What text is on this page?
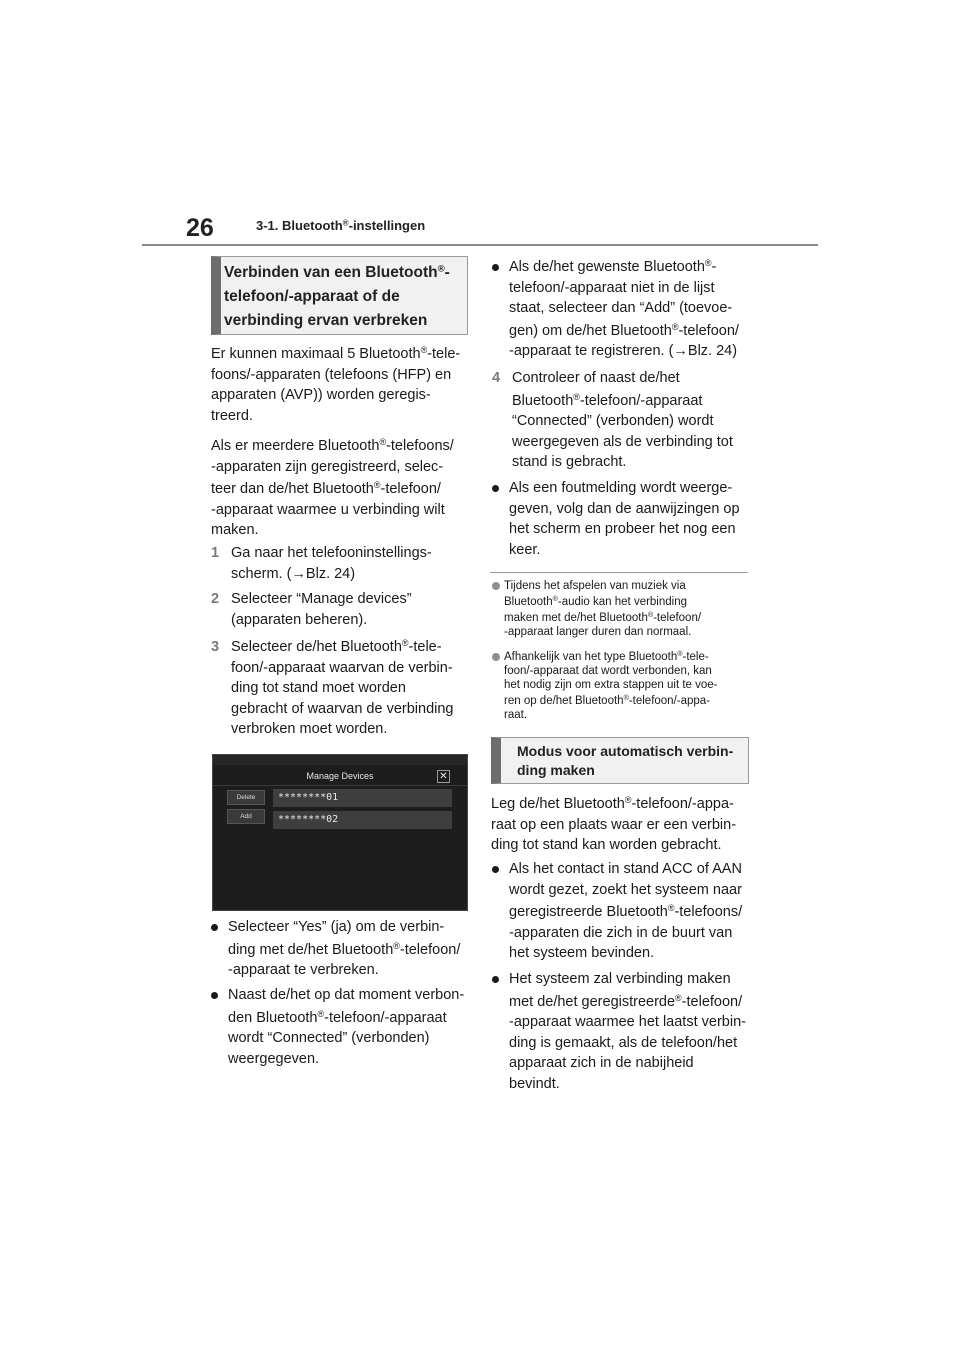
26	3-1. Bluetooth®-instellingen
Verbinden van een Bluetooth®-
telefoon/-apparaat of de
verbinding ervan verbreken
Er kunnen maximaal 5 Bluetooth®-tele-
foons/-apparaten (telefoons (HFP) en
apparaten (AVP)) worden geregis-
treerd.
Als er meerdere Bluetooth®-telefoons/
-apparaten zijn geregistreerd, selec-
teer dan de/het Bluetooth®-telefoon/
-apparaat waarmee u verbinding wilt
maken.
1 Ga naar het telefooninstellings-
scherm. (→Blz. 24)
2 Selecteer “Manage devices”
(apparaten beheren).
3 Selecteer de/het Bluetooth®-tele-
foon/-apparaat waarvan de verbin-
ding tot stand moet worden
gebracht of waarvan de verbinding
verbroken moet worden.
Manage Devices	✕
Delete
Add
********01
********02
Selecteer “Yes” (ja) om de verbin-
ding met de/het Bluetooth®-telefoon/
-apparaat te verbreken.
Naast de/het op dat moment verbon-
den Bluetooth®-telefoon/-apparaat
wordt “Connected” (verbonden)
weergegeven.
Als de/het gewenste Bluetooth®-
telefoon/-apparaat niet in de lijst
staat, selecteer dan “Add” (toevoe-
gen) om de/het Bluetooth®-telefoon/
-apparaat te registreren. (→Blz. 24)
4 Controleer of naast de/het
Bluetooth®-telefoon/-apparaat
“Connected” (verbonden) wordt
weergegeven als de verbinding tot
stand is gebracht.
Als een foutmelding wordt weerge-
geven, volg dan de aanwijzingen op
het scherm en probeer het nog een
keer.
Tijdens het afspelen van muziek via
Bluetooth®-audio kan het verbinding
maken met de/het Bluetooth®-telefoon/
-apparaat langer duren dan normaal.
Afhankelijk van het type Bluetooth®-tele-
foon/-apparaat dat wordt verbonden, kan
het nodig zijn om extra stappen uit te voe-
ren op de/het Bluetooth®-telefoon/-appa-
raat.
Modus voor automatisch verbin-
ding maken
Leg de/het Bluetooth®-telefoon/-appa-
raat op een plaats waar er een verbin-
ding tot stand kan worden gebracht.
Als het contact in stand ACC of AAN
wordt gezet, zoekt het systeem naar
geregistreerde Bluetooth®-telefoons/
-apparaten die zich in de buurt van
het systeem bevinden.
Het systeem zal verbinding maken
met de/het geregistreerde®-telefoon/
-apparaat waarmee het laatst verbin-
ding is gemaakt, als de telefoon/het
apparaat zich in de nabijheid
bevindt.
